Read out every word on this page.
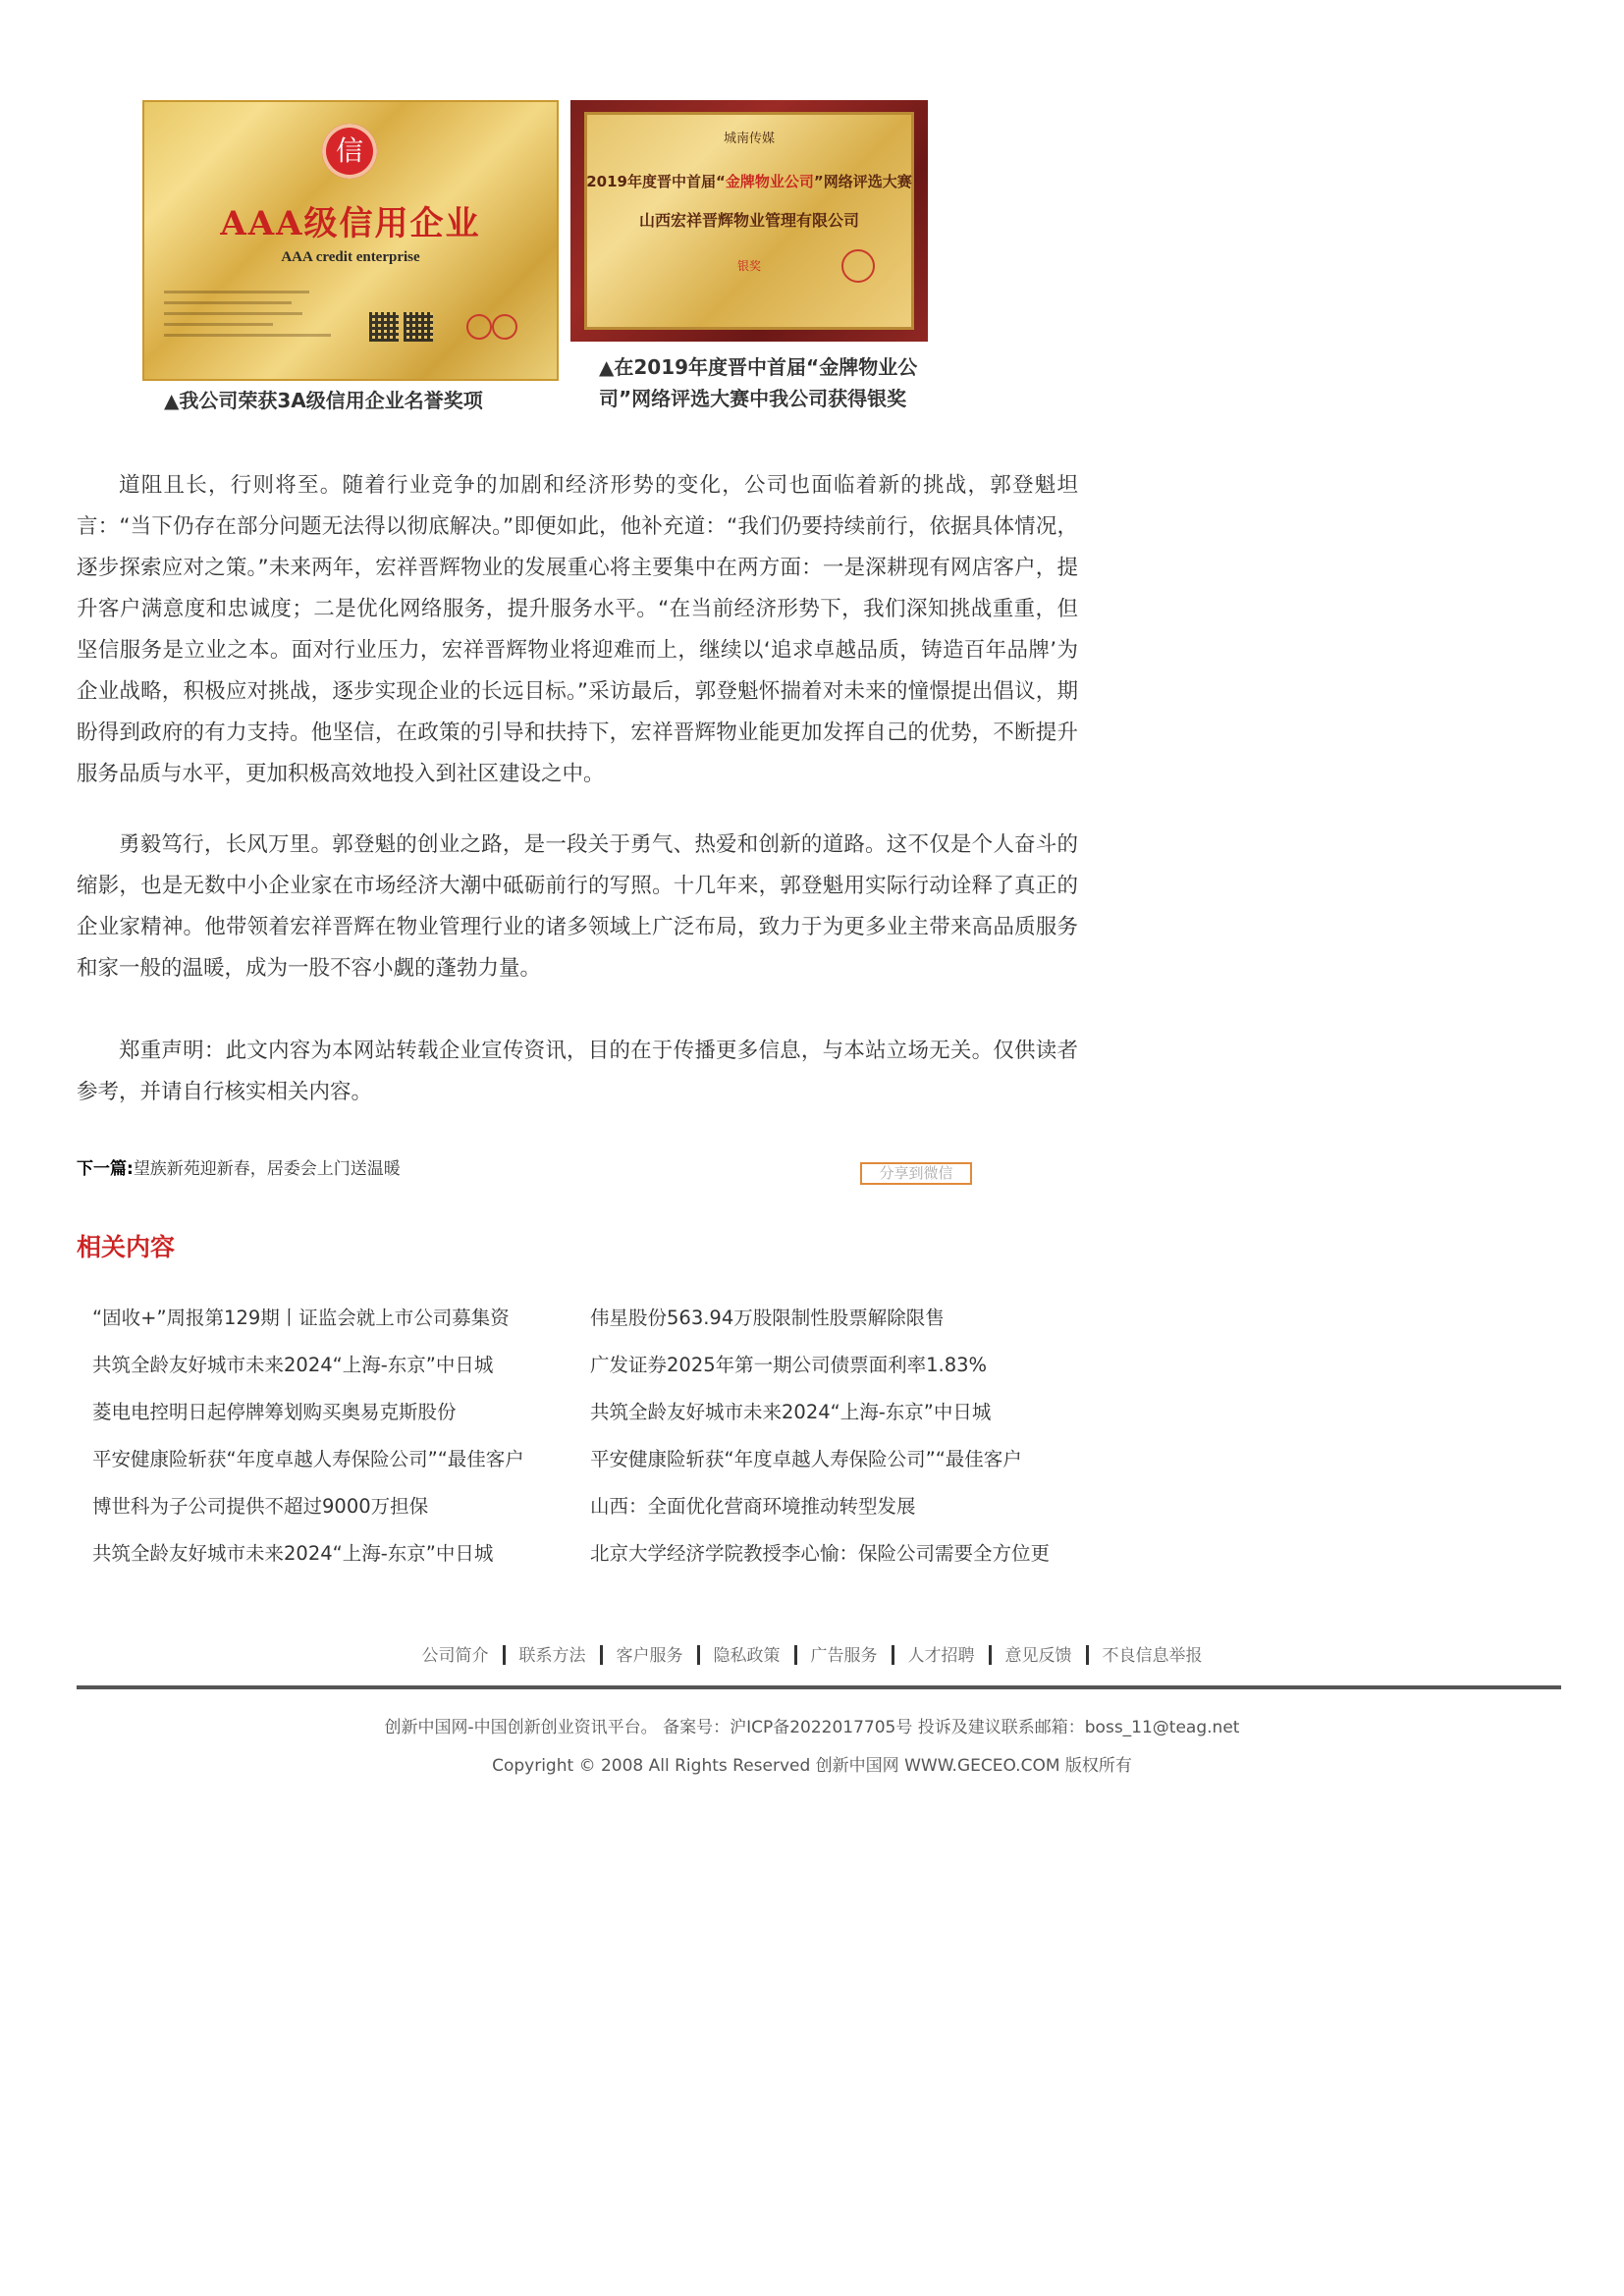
信
AAA级信用企业
AAA credit enterprise
城南传媒
2019年度晋中首届“金牌物业公司”网络评选大赛
山西宏祥晋辉物业管理有限公司
银奖
▲我公司荣获3A级信用企业名誉奖项
▲在2019年度晋中首届“金牌物业公司”网络评选大赛中我公司获得银奖

道阻且长，行则将至。随着行业竞争的加剧和经济形势的变化，公司也面临着新的挑战，郭登魁坦言：“当下仍存在部分问题无法得以彻底解决。”即便如此，他补充道：“我们仍要持续前行，依据具体情况，逐步探索应对之策。”未来两年，宏祥晋辉物业的发展重心将主要集中在两方面：一是深耕现有网店客户，提升客户满意度和忠诚度；二是优化网络服务，提升服务水平。“在当前经济形势下，我们深知挑战重重，但坚信服务是立业之本。面对行业压力，宏祥晋辉物业将迎难而上，继续以‘追求卓越品质，铸造百年品牌’为企业战略，积极应对挑战，逐步实现企业的长远目标。”采访最后，郭登魁怀揣着对未来的憧憬提出倡议，期盼得到政府的有力支持。他坚信，在政策的引导和扶持下，宏祥晋辉物业能更加发挥自己的优势，不断提升服务品质与水平，更加积极高效地投入到社区建设之中。

勇毅笃行，长风万里。郭登魁的创业之路，是一段关于勇气、热爱和创新的道路。这不仅是个人奋斗的缩影，也是无数中小企业家在市场经济大潮中砥砺前行的写照。十几年来，郭登魁用实际行动诠释了真正的企业家精神。他带领着宏祥晋辉在物业管理行业的诸多领域上广泛布局，致力于为更多业主带来高品质服务和家一般的温暖，成为一股不容小觑的蓬勃力量。

郑重声明：此文内容为本网站转载企业宣传资讯，目的在于传播更多信息，与本站立场无关。仅供读者参考，并请自行核实相关内容。

下一篇:望族新苑迎新春，居委会上门送温暖	分享到微信
相关内容
“固收+”周报第129期丨证监会就上市公司募集资	伟星股份563.94万股限制性股票解除限售
共筑全龄友好城市未来2024“上海-东京”中日城	广发证券2025年第一期公司债票面利率1.83%
菱电电控明日起停牌筹划购买奥易克斯股份	共筑全龄友好城市未来2024“上海-东京”中日城
平安健康险斩获“年度卓越人寿保险公司”“最佳客户	平安健康险斩获“年度卓越人寿保险公司”“最佳客户
博世科为子公司提供不超过9000万担保	山西：全面优化营商环境推动转型发展
共筑全龄友好城市未来2024“上海-东京”中日城	北京大学经济学院教授李心愉：保险公司需要全方位更
公司简介 联系方法 客户服务 隐私政策 广告服务 人才招聘 意见反馈 不良信息举报
创新中国网-中国创新创业资讯平台。 备案号：沪ICP备2022017705号 投诉及建议联系邮箱：boss_11@teag.net
Copyright © 2008 All Rights Reserved 创新中国网 WWW.GECEO.COM 版权所有
